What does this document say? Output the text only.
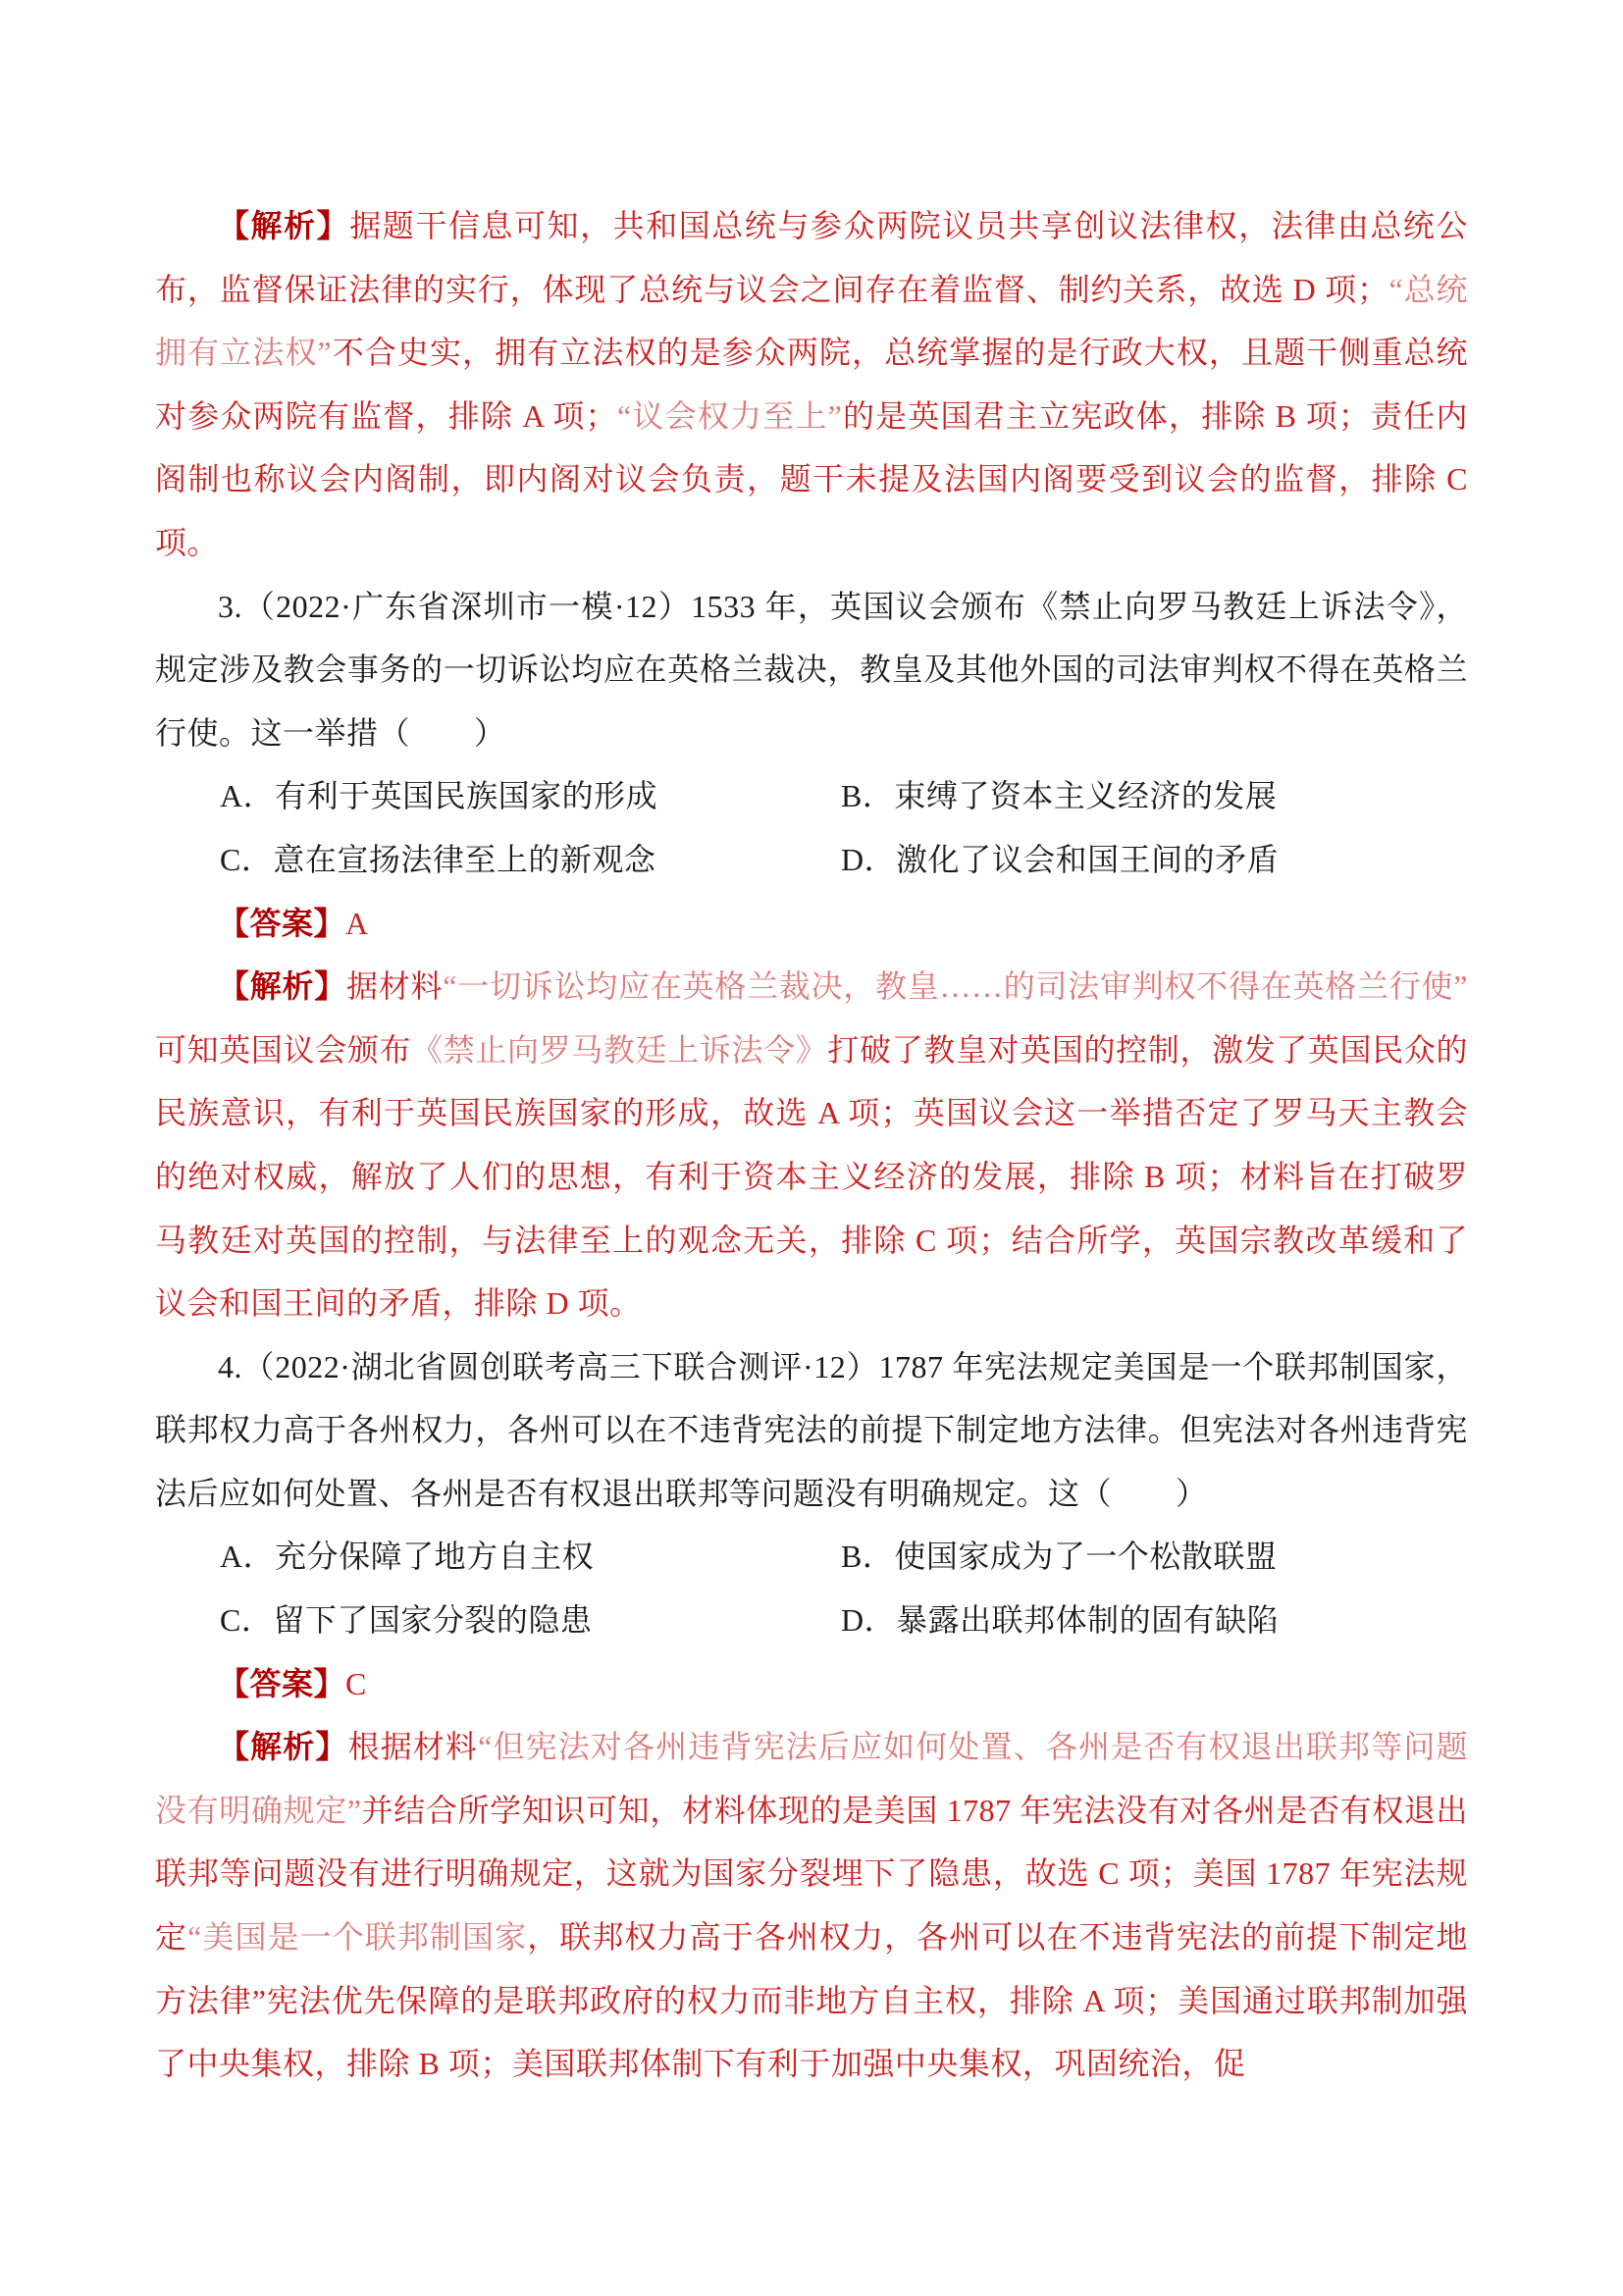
【解析】据题干信息可知，共和国总统与参众两院议员共享创议法律权，法律由总统公布，监督保证法律的实行，体现了总统与议会之间存在着监督、制约关系，故选 D 项；“总统拥有立法权”不合史实，拥有立法权的是参众两院，总统掌握的是行政大权，且题干侧重总统对参众两院有监督，排除 A 项；“议会权力至上”的是英国君主立宪政体，排除 B 项；责任内阁制也称议会内阁制，即内阁对议会负责，题干未提及法国内阁要受到议会的监督，排除 C 项。
3.（2022·广东省深圳市一模·12）1533 年，英国议会颁布《禁止向罗马教廷上诉法令》，规定涉及教会事务的一切诉讼均应在英格兰裁决，教皇及其他外国的司法审判权不得在英格兰行使。这一举措（　　）
A．有利于英国民族国家的形成	B．束缚了资本主义经济的发展
C．意在宣扬法律至上的新观念	D．激化了议会和国王间的矛盾
【答案】A
【解析】据材料“一切诉讼均应在英格兰裁决，教皇……的司法审判权不得在英格兰行使”可知英国议会颁布《禁止向罗马教廷上诉法令》打破了教皇对英国的控制，激发了英国民众的民族意识，有利于英国民族国家的形成，故选 A 项；英国议会这一举措否定了罗马天主教会的绝对权威，解放了人们的思想，有利于资本主义经济的发展，排除 B 项；材料旨在打破罗马教廷对英国的控制，与法律至上的观念无关，排除 C 项；结合所学，英国宗教改革缓和了议会和国王间的矛盾，排除 D 项。
4.（2022·湖北省圆创联考高三下联合测评·12）1787 年宪法规定美国是一个联邦制国家，联邦权力高于各州权力，各州可以在不违背宪法的前提下制定地方法律。但宪法对各州违背宪法后应如何处置、各州是否有权退出联邦等问题没有明确规定。这（　　）
A．充分保障了地方自主权	B．使国家成为了一个松散联盟
C．留下了国家分裂的隐患	D．暴露出联邦体制的固有缺陷
【答案】C
【解析】根据材料“但宪法对各州违背宪法后应如何处置、各州是否有权退出联邦等问题没有明确规定”并结合所学知识可知，材料体现的是美国 1787 年宪法没有对各州是否有权退出联邦等问题没有进行明确规定，这就为国家分裂埋下了隐患，故选 C 项；美国 1787 年宪法规定“美国是一个联邦制国家，联邦权力高于各州权力，各州可以在不违背宪法的前提下制定地方法律”宪法优先保障的是联邦政府的权力而非地方自主权，排除 A 项；美国通过联邦制加强了中央集权，排除 B 项；美国联邦体制下有利于加强中央集权，巩固统治，促
